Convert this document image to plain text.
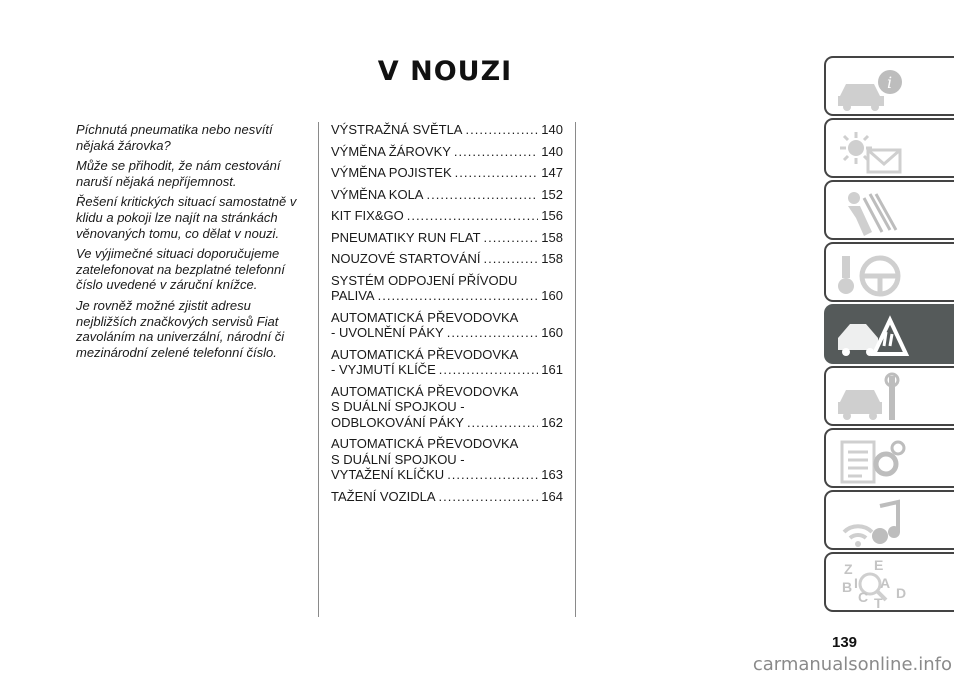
V NOUZI

Píchnutá pneumatika nebo nesvítí nějaká žárovka?

Může se přihodit, že nám cestování naruší nějaká nepříjemnost.

Řešení kritických situací samostatně v klidu a pokoji lze najít na stránkách věnovaných tomu, co dělat v nouzi.

Ve výjimečné situaci doporučujeme zatelefonovat na bezplatné telefonní číslo uvedené v záruční knížce.

Je rovněž možné zjistit adresu nejbližších značkových servisů Fiat zavoláním na univerzální, národní či mezinárodní zelené telefonní číslo.

VÝSTRAŽNÁ SVĚTLA .....	140
VÝMĚNA ŽÁROVKY .....	140
VÝMĚNA POJISTEK .....	147
VÝMĚNA KOLA .....	152
KIT FIX&GO .....	156
PNEUMATIKY RUN FLAT .....	158
NOUZOVÉ STARTOVÁNÍ .....	158
SYSTÉM ODPOJENÍ PŘÍVODU
PALIVA .....	160
AUTOMATICKÁ PŘEVODOVKA
- UVOLNĚNÍ PÁKY .....	160
AUTOMATICKÁ PŘEVODOVKA
- VYJMUTÍ KLÍČE .....	161
AUTOMATICKÁ PŘEVODOVKA
S DUÁLNÍ SPOJKOU -
ODBLOKOVÁNÍ PÁKY .....	162
AUTOMATICKÁ PŘEVODOVKA
S DUÁLNÍ SPOJKOU -
VYTAŽENÍ KLÍČKU .....	163
TAŽENÍ VOZIDLA .....	164
i
Z E
B A
C D
T
I
139
carmanualsonline.info
